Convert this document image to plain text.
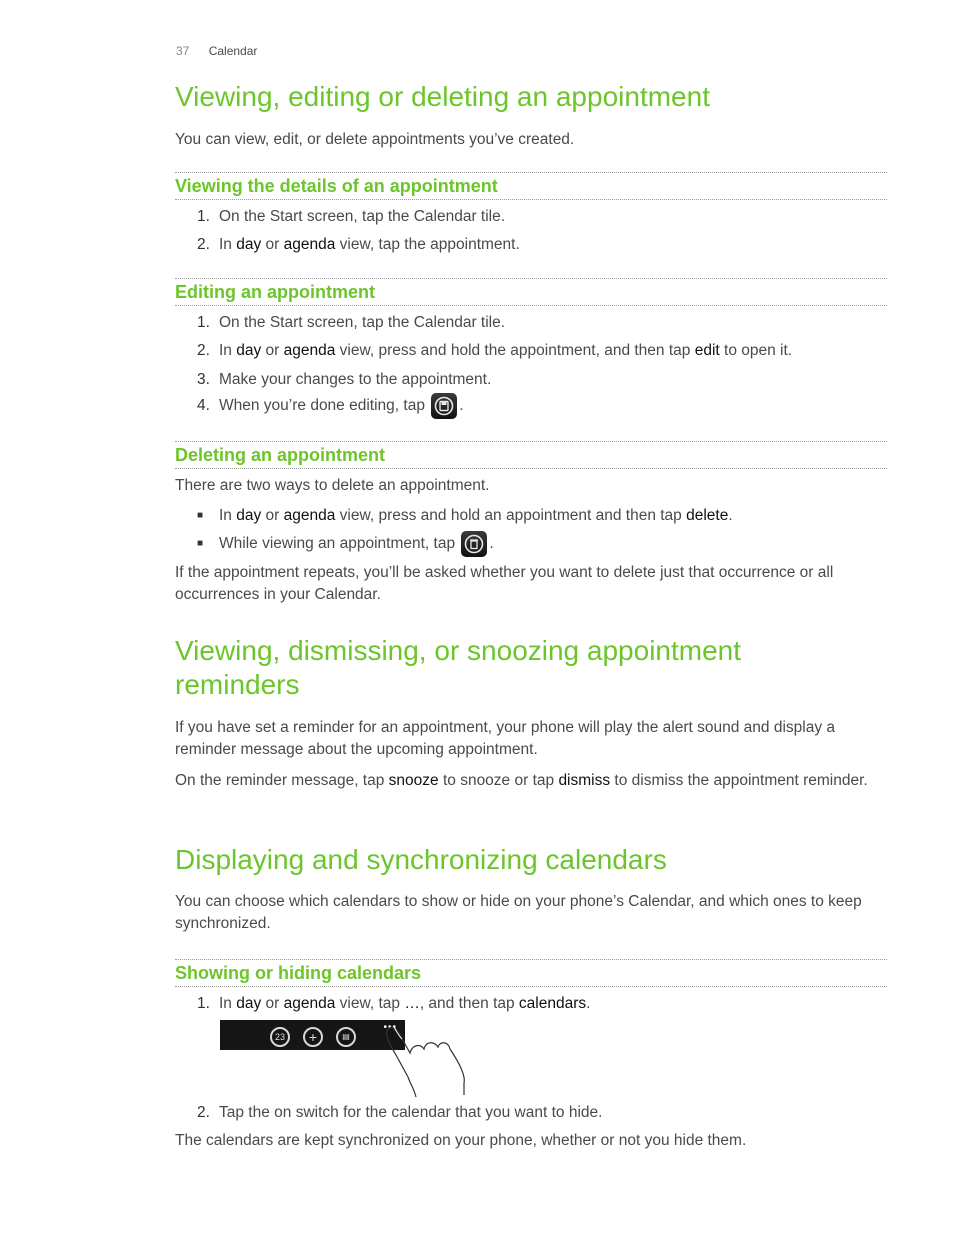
37 Calendar
Viewing, editing or deleting an appointment

You can view, edit, or delete appointments you’ve created.

Viewing the details of an appointment
1. On the Start screen, tap the Calendar tile.
2. In day or agenda view, tap the appointment.
Editing an appointment
1. On the Start screen, tap the Calendar tile.
2. In day or agenda view, press and hold the appointment, and then tap edit to open it.
3. Make your changes to the appointment.
4. When you’re done editing, tap .
Deleting an appointment

There are two ways to delete an appointment.

■ In day or agenda view, press and hold an appointment and then tap delete.
■ While viewing an appointment, tap .

If the appointment repeats, you’ll be asked whether you want to delete just that occurrence or all occurrences in your Calendar.

Viewing, dismissing, or snoozing appointment
reminders

If you have set a reminder for an appointment, your phone will play the alert sound and display a reminder message about the upcoming appointment.

On the reminder message, tap snooze to snooze or tap dismiss to dismiss the appointment reminder.

Displaying and synchronizing calendars

You can choose which calendars to show or hide on your phone’s Calendar, and which ones to keep synchronized.

Showing or hiding calendars
1. In day or agenda view, tap …, and then tap calendars.
23	+	▤
•••
2. Tap the on switch for the calendar that you want to hide.

The calendars are kept synchronized on your phone, whether or not you hide them.
